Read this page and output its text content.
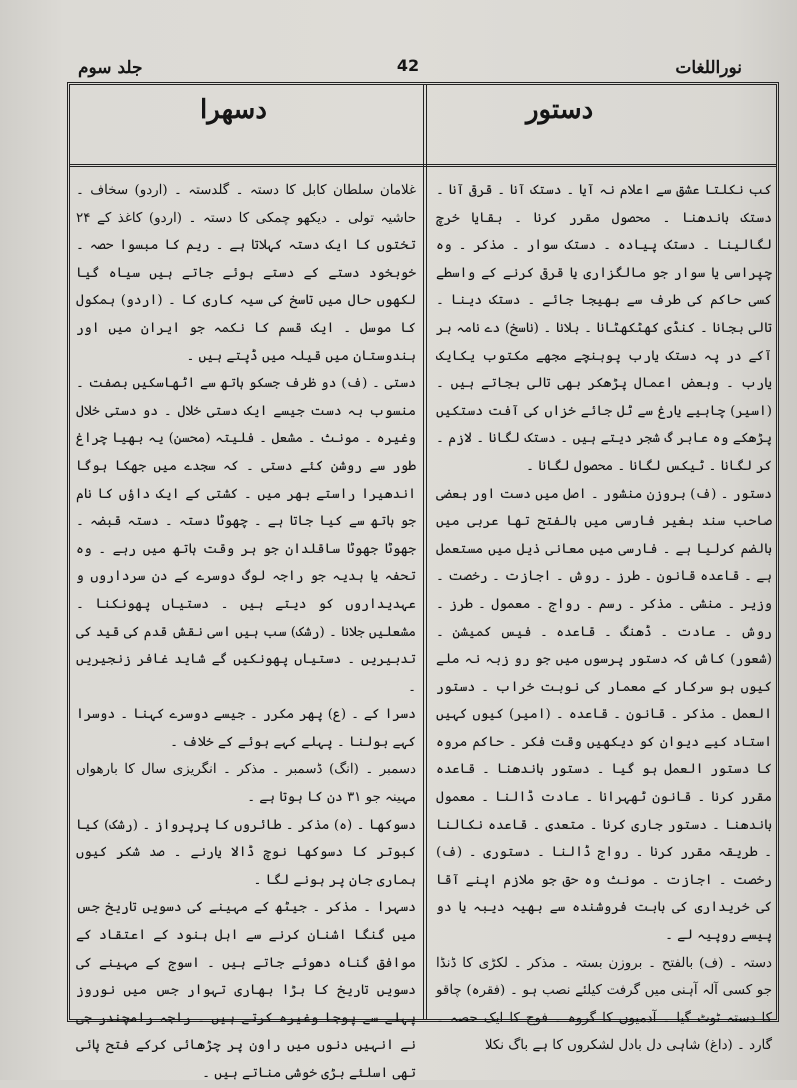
جلد سوم	42	نوراللغات
دسهرا	دستور

کب نکلتا عشق سے اعلام نہ آیا ۔ دستک آنا ۔ قرقی آنا ۔ دستک باندھنا ۔ محصول مقرر کرنا ۔ بقایا خرچ لگالینا ۔ دستک پیادہ ۔ دستک سوار ۔ مذکر ۔ وہ چپراسی یا سوار جو مالگزاری یا قرقی کرنے کے واسطے کسی حاکم کی طرف سے بھیجا جائے ۔ دستک دینا ۔ تالی بجانا ۔ کنڈی کھٹکھٹانا ۔ بلانا ۔ (ناسخ) دے نامہ بر آکے در پہ دستک یارب پوہنچے مجھے مکتوب یکایک یارب ۔ وبعض اعمال پڑھکر بھی تالی بجاتے ہیں ۔ (اسیر) چاہیے یارغ سے ٹل جائے خزاں کی آفت دستکیں پڑھکے وہ عابر گ شجر دیتے ہیں ۔ دستک لگانا ۔ لازم ۔ کر لگانا ۔ ٹیکس لگانا ۔ محصول لگانا ۔

دستور ۔ (ف) بروزن منشور ۔ اصل میں دست اور بعضی صاحب سند بغیر فارسی میں بالفتح تھا عربی میں بالضم کرلیا ہے ۔ فارسی میں معانی ذیل میں مستعمل ہے ۔ قاعدہ قانون ۔ طرز ۔ روش ۔ اجازت ۔ رخصت ۔ وزیر ۔ منشی ۔ مذکر ۔ رسم ۔ رواج ۔ معمول ۔ طرز ۔ روش ۔ عادت ۔ ڈھنگ ۔ قاعدہ ۔ فیس کمیشن ۔ (شعور) کاش کہ دستور پرسوں میں جو رو زبہ نہ ملے کیوں ہو سرکار کے معمار کی نوبت خراب ۔ دستور العمل ۔ مذکر ۔ قانون ۔ قاعدہ ۔ (امیر) کیوں کہیں استاد کیے دیوان کو دیکھیں وقت فکر ۔ حاکم مروہ کا دستور العمل ہو گیا ۔ دستور باندھنا ۔ قاعدہ مقرر کرنا ۔ قانون ٹھہرانا ۔ عادت ڈالنا ۔ معمول باندھنا ۔ دستور جاری کرنا ۔ متعدی ۔ قاعدہ نکالنا ۔ طریقہ مقرر کرنا ۔ رواج ڈالنا ۔ دستوری ۔ (ف) رخصت ۔ اجازت ۔ مونث وہ حق جو ملازم اپنے آقا کی خریداری کی بابت فروشندہ سے بھیہ دیبہ یا دو پیسے روپیہ لے ۔

دستہ ۔ (ف) بالفتح ۔ بروزن بستہ ۔ مذکر ۔ لکڑی کا ڈنڈا جو کسی آلہ آہنی میں گرفت کیلئے نصب ہو ۔ (فقرہ) چاقو کا دستہ ٹوٹ گیا ۔ آدمیوں کا گروہ ۔ فوج کا ایک حصہ ۔ گارد ۔ (داغ) شاہی دل بادل لشکروں کا ہے باگ نکلا

غلامان سلطان کابل کا دستہ ۔ گلدستہ ۔ (اردو) سخاف ۔ حاشیہ تولی ۔ دیکھو چمکی کا دستہ ۔ (اردو) کاغذ کے ۲۴ تختوں کا ایک دستہ کہلاتا ہے ۔ ریم کا مبسوا حصہ ۔ خوبخود دستے کے دستے ہوئے جاتے ہیں سیاہ گیا لکھوں حال میں تاسخ کی سیہ کاری کا ۔ (اردو) ہمکول کا موسل ۔ ایک قسم کا نکمہ جو ایران میں اور ہندوستان میں قیلہ میں ڈپتے ہیں ۔

دستی ۔ (ف) دو ظرف جسکو ہاتھ سے اٹھاسکیں بصفت ۔ منسوب بہ دست جیسے ایک دستی خلال ۔ دو دستی خلال وغیرہ ۔ مونث ۔ مشعل ۔ فلیتہ (محسن) یہ بھیا چراغ طور سے روشن کئے دستی ۔ کہ سجدے میں جھکا ہوگا اندھیرا راستے بھر میں ۔ کشتی کے ایک داؤں کا نام جو ہاتھ سے کیا جاتا ہے ۔ چھوٹا دستہ ۔ دستہ قبضہ ۔ جھوٹا جھوٹا ساقلدان جو ہر وقت ہاتھ میں رہے ۔ وہ تحفہ یا ہدیہ جو راجہ لوگ دوسرے کے دن سرداروں و عہدیداروں کو دیتے ہیں ۔ دستیاں پھونکنا ۔ مشعلیں جلانا ۔ (رشک) سب ہیں اسی نقش قدم کی قید کی تدبیریں ۔ دستیاں پھونکیں گے شاید غافر زنجیریں ۔

دسرا کے ۔ (ع) پھر مکرر ۔ جیسے دوسرے کہنا ۔ دوسرا کہے بولنا ۔ پہلے کہے ہوئے کے خلاف ۔

دسمبر ۔ (انگ) ڈسمبر ۔ مذکر ۔ انگریزی سال کا بارھواں مہینہ جو ۳۱ دن کا ہوتا ہے ۔

دسوکھا ۔ (ہ) مذکر ۔ طائروں کا پرپرواز ۔ (رشک) کیا کبوتر کا دسوکھا نوچ ڈالا یارنے ۔ صد شکر کیوں ہماری جان پر ہونے لگا ۔

دسہرا ۔ مذکر ۔ جیٹھ کے مہینے کی دسویں تاریخ جس میں گنگا اشنان کرنے سے اہل ہنود کے اعتقاد کے موافق گناہ دھوئے جاتے ہیں ۔ اسوج کے مہینے کی دسویں تاریخ کا بڑا بھاری تہوار جس میں نوروز پہلے سے پوجا وغیرہ کرتے ہیں ۔ راجہ رامچندر جی نے انہیں دنوں میں راون پر چڑھائی کرکے فتح پائی تھی اسلئے بڑی خوشی مناتے ہیں ۔
